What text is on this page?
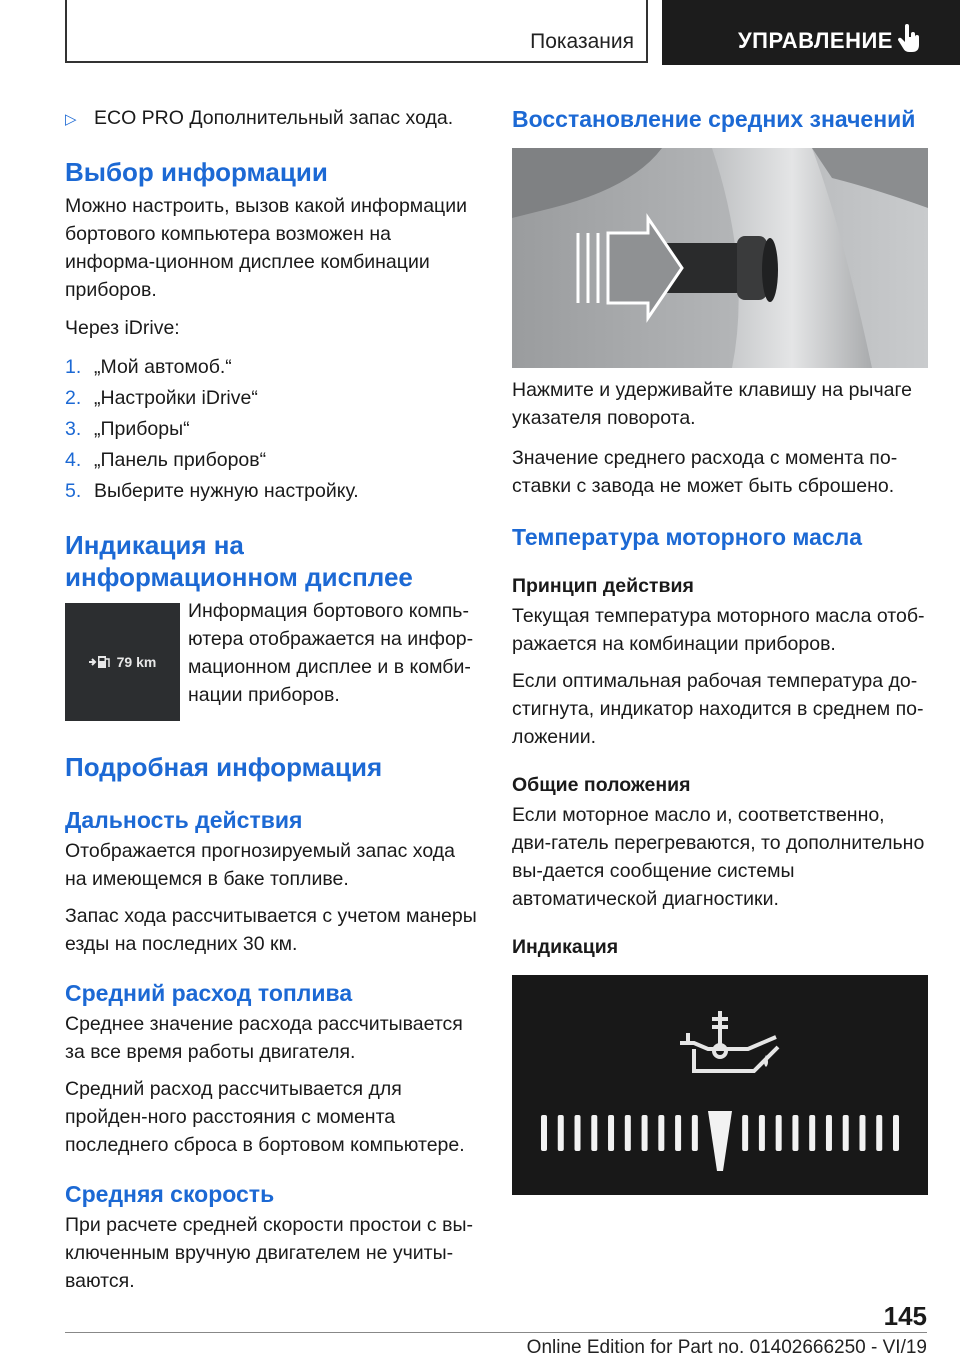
Показания	УПРАВЛЕНИЕ
▷ ECO PRO Дополнительный запас хода.

Выбор информации

Можно настроить, вызов какой информации бортового компьютера возможен на информа-ционном дисплее комбинации приборов.

Через iDrive:

1. „Мой автомоб.“
2. „Настройки iDrive“
3. „Приборы“
4. „Панель приборов“
5. Выберите нужную настройку.
Индикация на информационном дисплее
79 km

Информация бортового компь-ютера отображается на инфор-мационном дисплее и в комби-нации приборов.

Подробная информация
Дальность действия

Отображается прогнозируемый запас хода на имеющемся в баке топливе.

Запас хода рассчитывается с учетом манеры езды на последних 30 км.

Средний расход топлива

Среднее значение расхода рассчитывается за все время работы двигателя.

Средний расход рассчитывается для пройден-ного расстояния с момента последнего сброса в бортовом компьютере.

Средняя скорость

При расчете средней скорости простои с вы-ключенным вручную двигателем не учиты-ваются.

Восстановление средних значений

Нажмите и удерживайте клавишу на рычаге указателя поворота.

Значение среднего расхода с момента по-ставки с завода не может быть сброшено.

Температура моторного масла
Принцип действия

Текущая температура моторного масла отоб-ражается на комбинации приборов.

Если оптимальная рабочая температура до-стигнута, индикатор находится в среднем по-ложении.

Общие положения

Если моторное масло и, соответственно, дви-гатель перегреваются, то дополнительно вы-дается сообщение системы автоматической диагностики.

Индикация
145
Online Edition for Part no. 01402666250 - VI/19
